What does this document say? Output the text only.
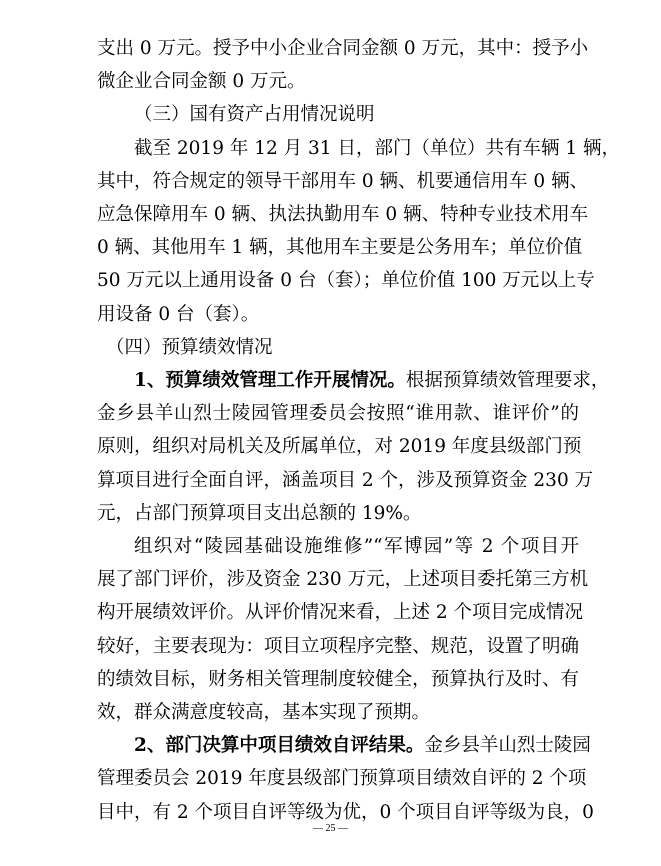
支出 0 万元。授予中小企业合同金额 0 万元，其中：授予小
微企业合同金额 0 万元。
（三）国有资产占用情况说明
截至 2019 年 12 月 31 日，部门（单位）共有车辆 1 辆，
其中，符合规定的领导干部用车 0 辆、机要通信用车 0 辆、
应急保障用车 0 辆、执法执勤用车 0 辆、特种专业技术用车
0 辆、其他用车 1 辆，其他用车主要是公务用车；单位价值
50 万元以上通用设备 0 台（套）；单位价值 100 万元以上专
用设备 0 台（套）。
（四）预算绩效情况
1、预算绩效管理工作开展情况。根据预算绩效管理要求，
金乡县羊山烈士陵园管理委员会按照“谁用款、谁评价”的
原则，组织对局机关及所属单位，对 2019 年度县级部门预
算项目进行全面自评，涵盖项目 2 个，涉及预算资金 230 万
元，占部门预算项目支出总额的 19%。
组织对“陵园基础设施维修”“军博园”等 2 个项目开
展了部门评价，涉及资金 230 万元，上述项目委托第三方机
构开展绩效评价。从评价情况来看，上述 2 个项目完成情况
较好，主要表现为：项目立项程序完整、规范，设置了明确
的绩效目标，财务相关管理制度较健全，预算执行及时、有
效，群众满意度较高，基本实现了预期。
2、部门决算中项目绩效自评结果。金乡县羊山烈士陵园
管理委员会 2019 年度县级部门预算项目绩效自评的 2 个项
目中，有 2 个项目自评等级为优，0 个项目自评等级为良，0
— 25 —
